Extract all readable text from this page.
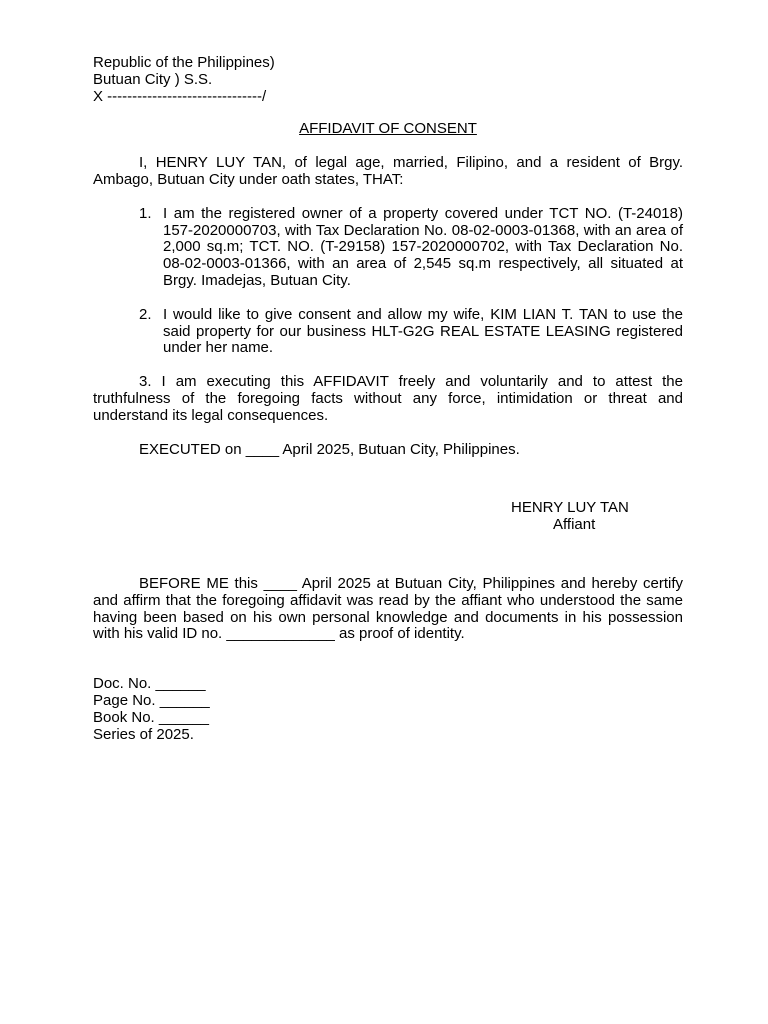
Republic of the Philippines)
Butuan City ) S.S.
X -------------------------------/
AFFIDAVIT OF CONSENT
I, HENRY LUY TAN, of legal age, married, Filipino, and a resident of Brgy. Ambago, Butuan City under oath states, THAT:
1. I am the registered owner of a property covered under TCT NO. (T-24018) 157-2020000703, with Tax Declaration No. 08-02-0003-01368, with an area of 2,000 sq.m; TCT. NO. (T-29158) 157-2020000702, with Tax Declaration No. 08-02-0003-01366, with an area of 2,545 sq.m respectively, all situated at Brgy. Imadejas, Butuan City.
2. I would like to give consent and allow my wife, KIM LIAN T. TAN to use the said property for our business HLT-G2G REAL ESTATE LEASING registered under her name.
3. I am executing this AFFIDAVIT freely and voluntarily and to attest the truthfulness of the foregoing facts without any force, intimidation or threat and understand its legal consequences.
EXECUTED on ____ April 2025, Butuan City, Philippines.
HENRY LUY TAN
Affiant
BEFORE ME this ____ April 2025 at Butuan City, Philippines and hereby certify and affirm that the foregoing affidavit was read by the affiant who understood the same having been based on his own personal knowledge and documents in his possession with his valid ID no. _____________ as proof of identity.
Doc. No. ______
Page No. ______
Book No. ______
Series of 2025.
